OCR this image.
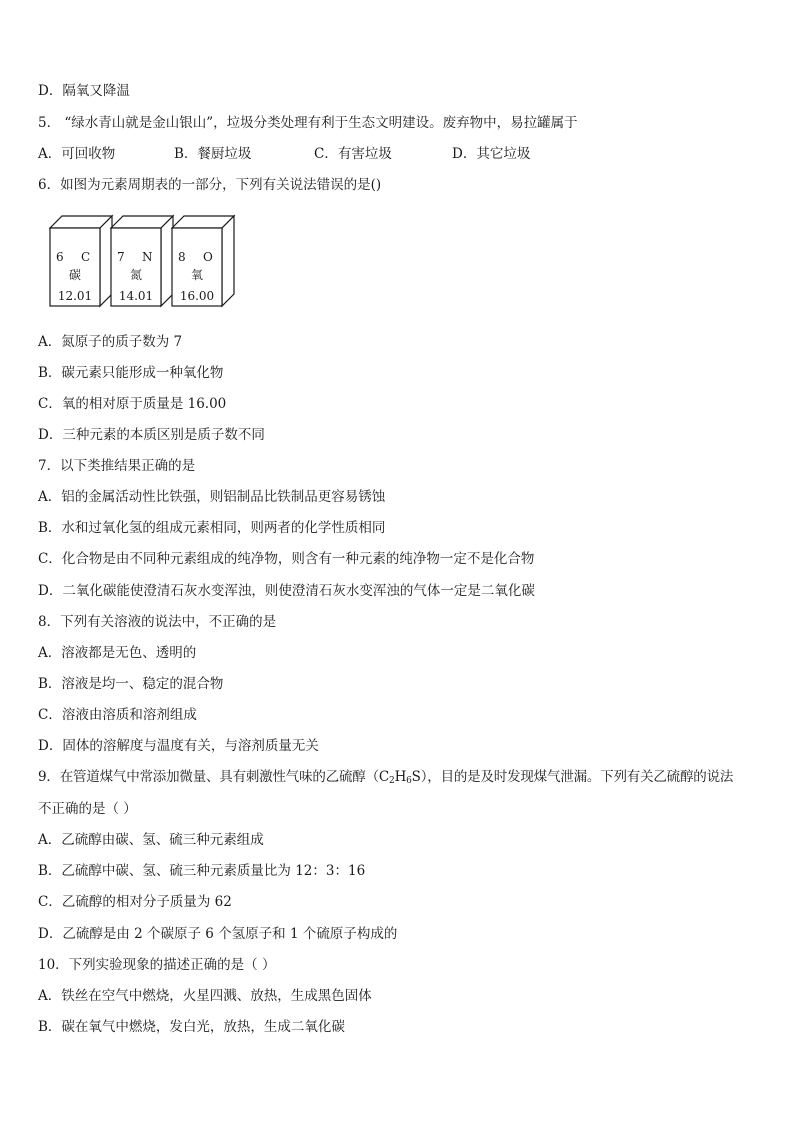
D．隔氧又降温
5． “绿水青山就是金山银山”，垃圾分类处理有利于生态文明建设。废弃物中，易拉罐属于
A．可回收物	B．餐厨垃圾	C．有害垃圾	D．其它垃圾
6．如图为元素周期表的一部分，下列有关说法错误的是()
6 C
碳
12.01
7 N
氮
14.01
8 O
氧
16.00
A．氮原子的质子数为 7
B．碳元素只能形成一种氧化物
C．氧的相对原于质量是 16.00
D．三种元素的本质区别是质子数不同
7．以下类推结果正确的是
A．铝的金属活动性比铁强，则铝制品比铁制品更容易锈蚀
B．水和过氧化氢的组成元素相同，则两者的化学性质相同
C．化合物是由不同种元素组成的纯净物，则含有一种元素的纯净物一定不是化合物
D．二氧化碳能使澄清石灰水变浑浊，则使澄清石灰水变浑浊的气体一定是二氧化碳
8．下列有关溶液的说法中，不正确的是
A．溶液都是无色、透明的
B．溶液是均一、稳定的混合物
C．溶液由溶质和溶剂组成
D．固体的溶解度与温度有关，与溶剂质量无关
9．在管道煤气中常添加微量、具有刺激性气味的乙硫醇$(C_2H_6S)$，目的是及时发现煤气泄漏。下列有关乙硫醇的说法
不正确的是（ ）
A．乙硫醇由碳、氢、硫三种元素组成
B．乙硫醇中碳、氢、硫三种元素质量比为 12：3：16
C．乙硫醇的相对分子质量为 62
D．乙硫醇是由 2 个碳原子 6 个氢原子和 1 个硫原子构成的
10．下列实验现象的描述正确的是（ ）
A．铁丝在空气中燃烧，火星四溅、放热，生成黑色固体
B．碳在氧气中燃烧，发白光，放热，生成二氧化碳
